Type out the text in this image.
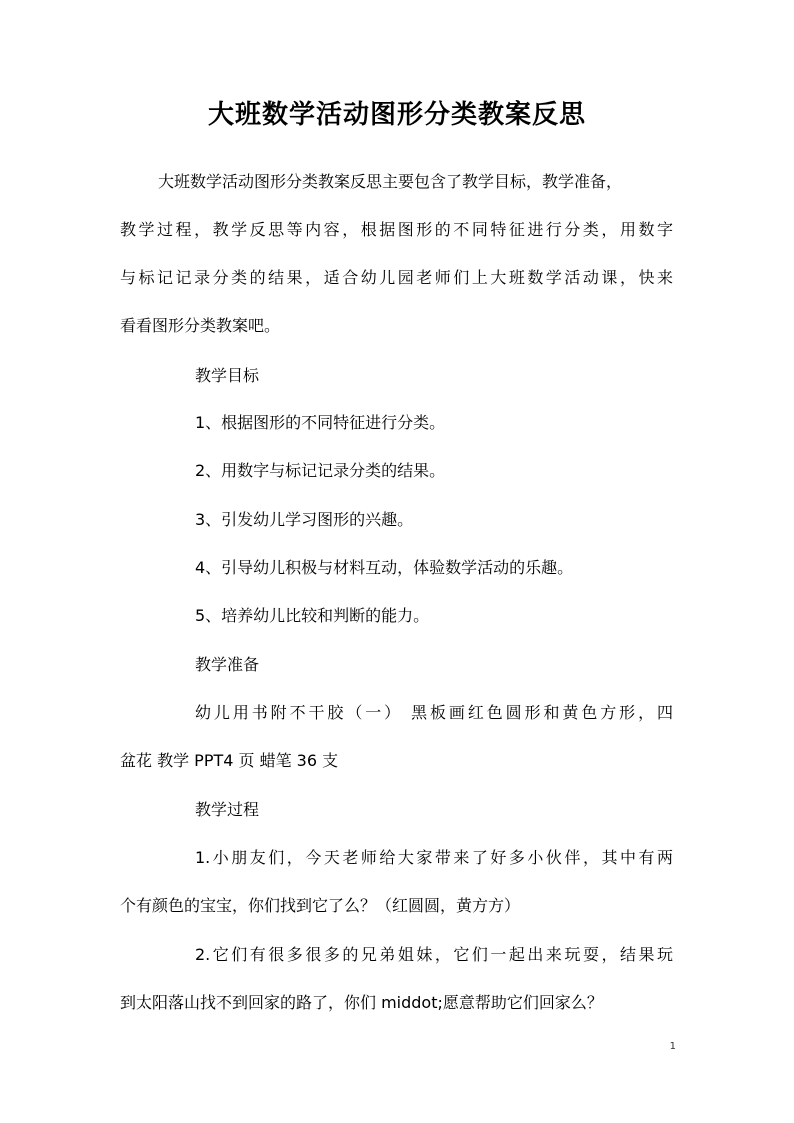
大班数学活动图形分类教案反思

大班数学活动图形分类教案反思主要包含了教学目标，教学准备，

教学过程，教学反思等内容，根据图形的不同特征进行分类，用数字

与标记记录分类的结果，适合幼儿园老师们上大班数学活动课，快来

看看图形分类教案吧。

教学目标

1、根据图形的不同特征进行分类。

2、用数字与标记记录分类的结果。

3、引发幼儿学习图形的兴趣。

4、引导幼儿积极与材料互动，体验数学活动的乐趣。

5、培养幼儿比较和判断的能力。

教学准备

幼儿用书附不干胶（一） 黑板画红色圆形和黄色方形，四

盆花 教学 PPT4 页 蜡笔 36 支

教学过程

1.小朋友们，今天老师给大家带来了好多小伙伴，其中有两

个有颜色的宝宝，你们找到它了么？（红圆圆，黄方方）

2.它们有很多很多的兄弟姐妹，它们一起出来玩耍，结果玩

到太阳落山找不到回家的路了，你们 middot;愿意帮助它们回家么？

1
